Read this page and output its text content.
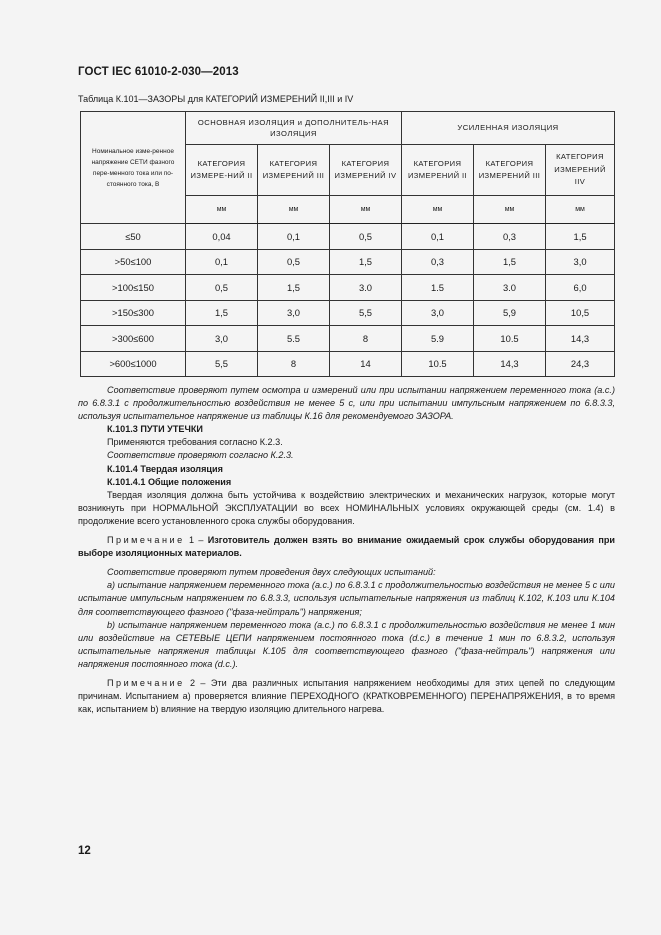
ГОСТ IEC 61010-2-030—2013
Таблица К.101—ЗАЗОРЫ для КАТЕГОРИЙ ИЗМЕРЕНИЙ II,III и IV
Номинальное изме-ренное напряжение СЕТИ фазного пере-менного тока или по-стоянного тока, В	ОСНОВНАЯ ИЗОЛЯЦИЯ и ДОПОЛНИТЕЛЬ-НАЯ ИЗОЛЯЦИЯ			УСИЛЕННАЯ ИЗОЛЯЦИЯ		
	КАТЕГОРИЯ ИЗМЕРЕ-НИЙ II	КАТЕГОРИЯ ИЗМЕРЕНИЙ III	КАТЕГОРИЯ ИЗМЕРЕНИЙ IV	КАТЕГОРИЯ ИЗМЕРЕНИЙ II	КАТЕГОРИЯ ИЗМЕРЕНИЙ III	КАТЕГОРИЯ ИЗМЕРЕНИЙ IIV
	мм	мм	мм	мм	мм	мм
≤50	0,04	0,1	0,5	0,1	0,3	1,5
>50≤100	0,1	0,5	1,5	0,3	1,5	3,0
>100≤150	0,5	1,5	3.0	1.5	3.0	6,0
>150≤300	1,5	3,0	5,5	3,0	5,9	10,5
>300≤600	3,0	5.5	8	5.9	10.5	14,3
>600≤1000	5,5	8	14	10.5	14,3	24,3

Соответствие проверяют путем осмотра и измерений или при испытании напряжением переменного тока (а.с.) по 6.8.3.1 с продолжительностью воздействия не менее 5 с, или при испытании импульсным напряжением по 6.8.3.3, используя испытательное напряжение из таблицы К.16 для рекомендуемого ЗАЗОРА.

К.101.3 ПУТИ УТЕЧКИ

Применяются требования согласно К.2.3.

Соответствие проверяют согласно К.2.3.

К.101.4 Твердая изоляция

К.101.4.1 Общие положения

Твердая изоляция должна быть устойчива к воздействию электрических и механических нагрузок, которые могут возникнуть при НОРМАЛЬНОЙ ЭКСПЛУАТАЦИИ во всех НОМИНАЛЬНЫХ условиях окружающей среды (см. 1.4) в продолжение всего установленного срока службы оборудования.

Примечание 1 – Изготовитель должен взять во внимание ожидаемый срок службы оборудования при выборе изоляционных материалов.

Соответствие проверяют путем проведения двух следующих испытаний:

а) испытание напряжением переменного тока (а.с.) по 6.8.3.1 с продолжительностью воздействия не менее 5 с или испытание импульсным напряжением по 6.8.3.3, используя испытательные напряжения из таблиц К.102, К.103 или К.104 для соответствующего фазного ("фаза-нейтраль") напряжения;

b) испытание напряжением переменного тока (а.с.) по 6.8.3.1 с продолжительностью воздействия не менее 1 мин или воздействие на СЕТЕВЫЕ ЦЕПИ напряжением постоянного тока (d.c.) в течение 1 мин по 6.8.3.2, используя испытательные напряжения таблицы К.105 для соответствующего фазного ("фаза-нейтраль") напряжения или напряжения постоянного тока (d.c.).

Примечание 2 – Эти два различных испытания напряжением необходимы для этих цепей по следующим причинам. Испытанием а) проверяется влияние ПЕРЕХОДНОГО (КРАТКОВРЕМЕННОГО) ПЕРЕНАПРЯЖЕНИЯ, в то время как, испытанием b) влияние на твердую изоляцию длительного нагрева.

12
